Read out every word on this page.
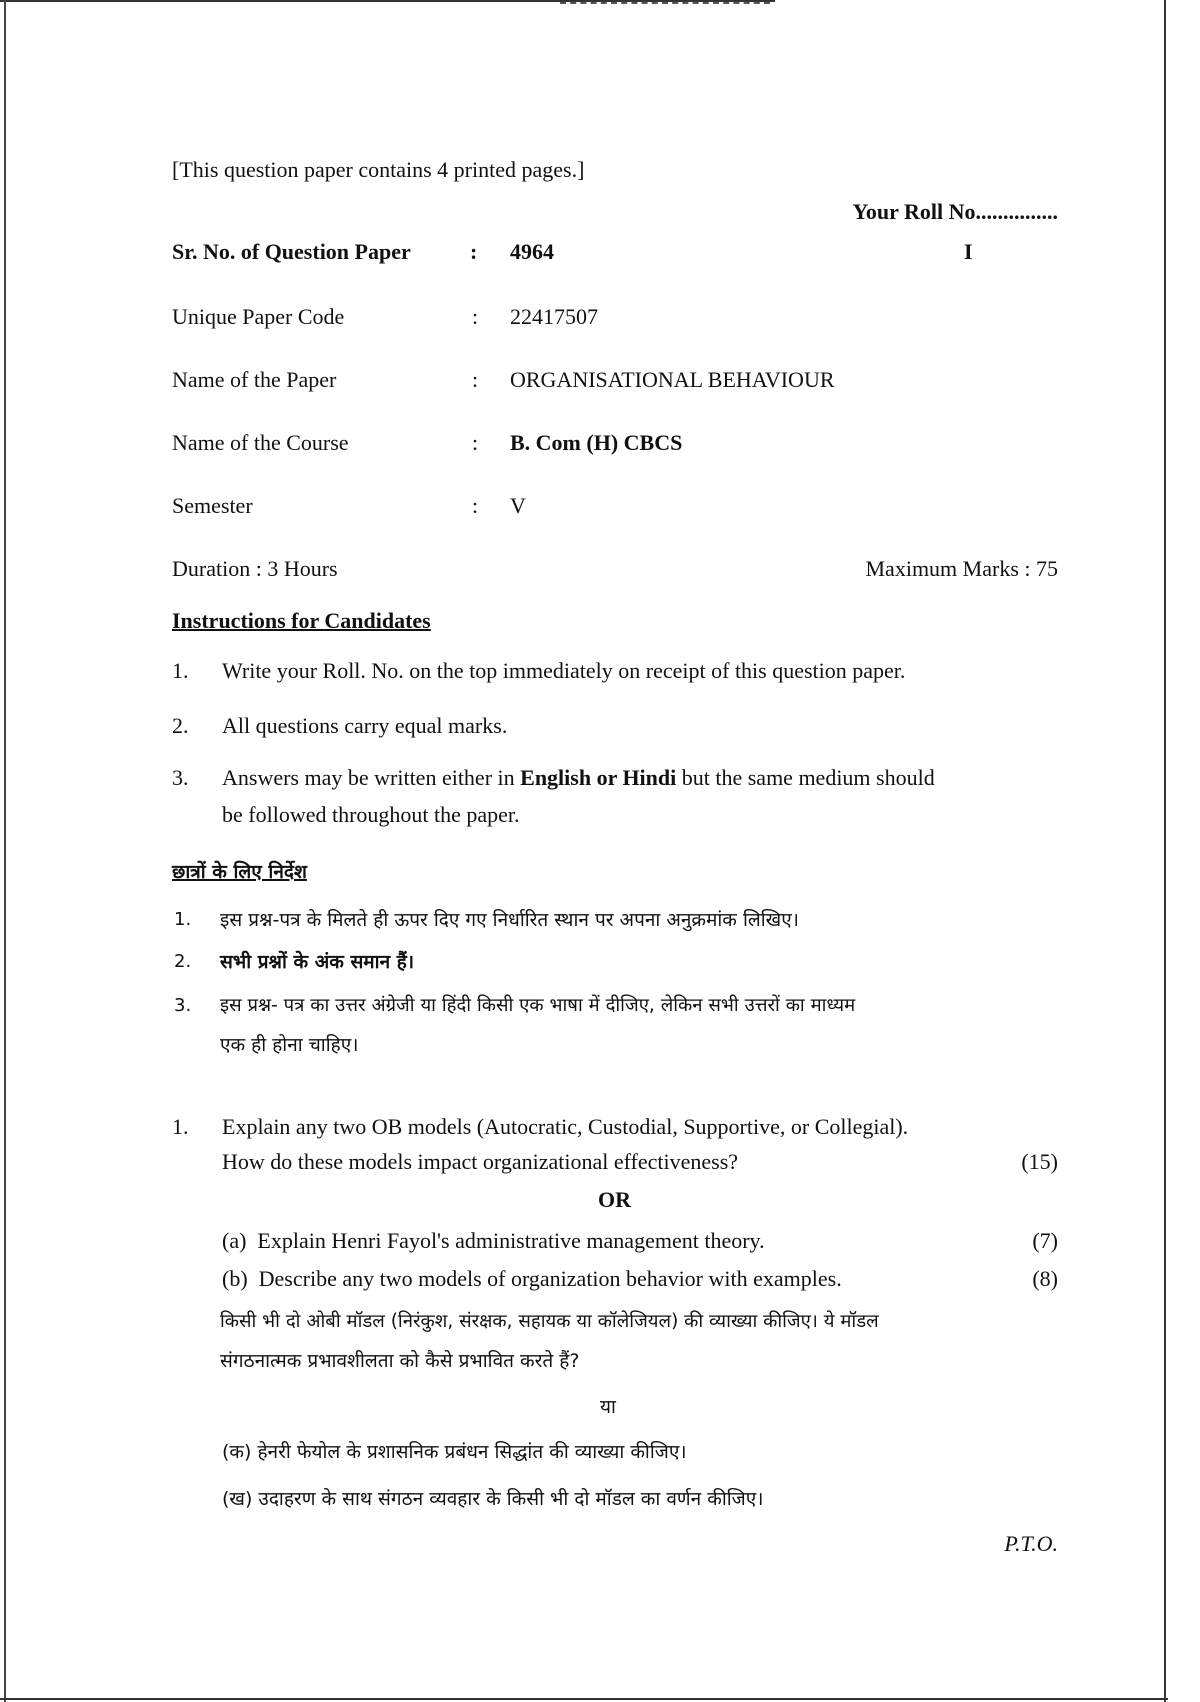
[This question paper contains 4 printed pages.]
Your Roll No...............
Sr. No. of Question Paper	: 4964	I
Unique Paper Code	: 22417507
Name of the Paper	: ORGANISATIONAL BEHAVIOUR
Name of the Course	: B. Com (H) CBCS
Semester	: V
Duration : 3 Hours	Maximum Marks : 75
Instructions for Candidates
1. Write your Roll. No. on the top immediately on receipt of this question paper.
2. All questions carry equal marks.
3. Answers may be written either in English or Hindi but the same medium should
be followed throughout the paper.
छात्रों के लिए निर्देश
1. इस प्रश्न-पत्र के मिलते ही ऊपर दिए गए निर्धारित स्थान पर अपना अनुक्रमांक लिखिए।
2. सभी प्रश्नों के अंक समान हैं।
3. इस प्रश्न- पत्र का उत्तर अंग्रेजी या हिंदी किसी एक भाषा में दीजिए, लेकिन सभी उत्तरों का माध्यम
एक ही होना चाहिए।
1. Explain any two OB models (Autocratic, Custodial, Supportive, or Collegial).
How do these models impact organizational effectiveness?	(15)
OR
(a) Explain Henri Fayol's administrative management theory.	(7)
(b) Describe any two models of organization behavior with examples.	(8)
किसी भी दो ओबी मॉडल (निरंकुश, संरक्षक, सहायक या कॉलेजियल) की व्याख्या कीजिए। ये मॉडल
संगठनात्मक प्रभावशीलता को कैसे प्रभावित करते हैं?
या
(क) हेनरी फेयोल के प्रशासनिक प्रबंधन सिद्धांत की व्याख्या कीजिए।
(ख) उदाहरण के साथ संगठन व्यवहार के किसी भी दो मॉडल का वर्णन कीजिए।
P.T.O.
